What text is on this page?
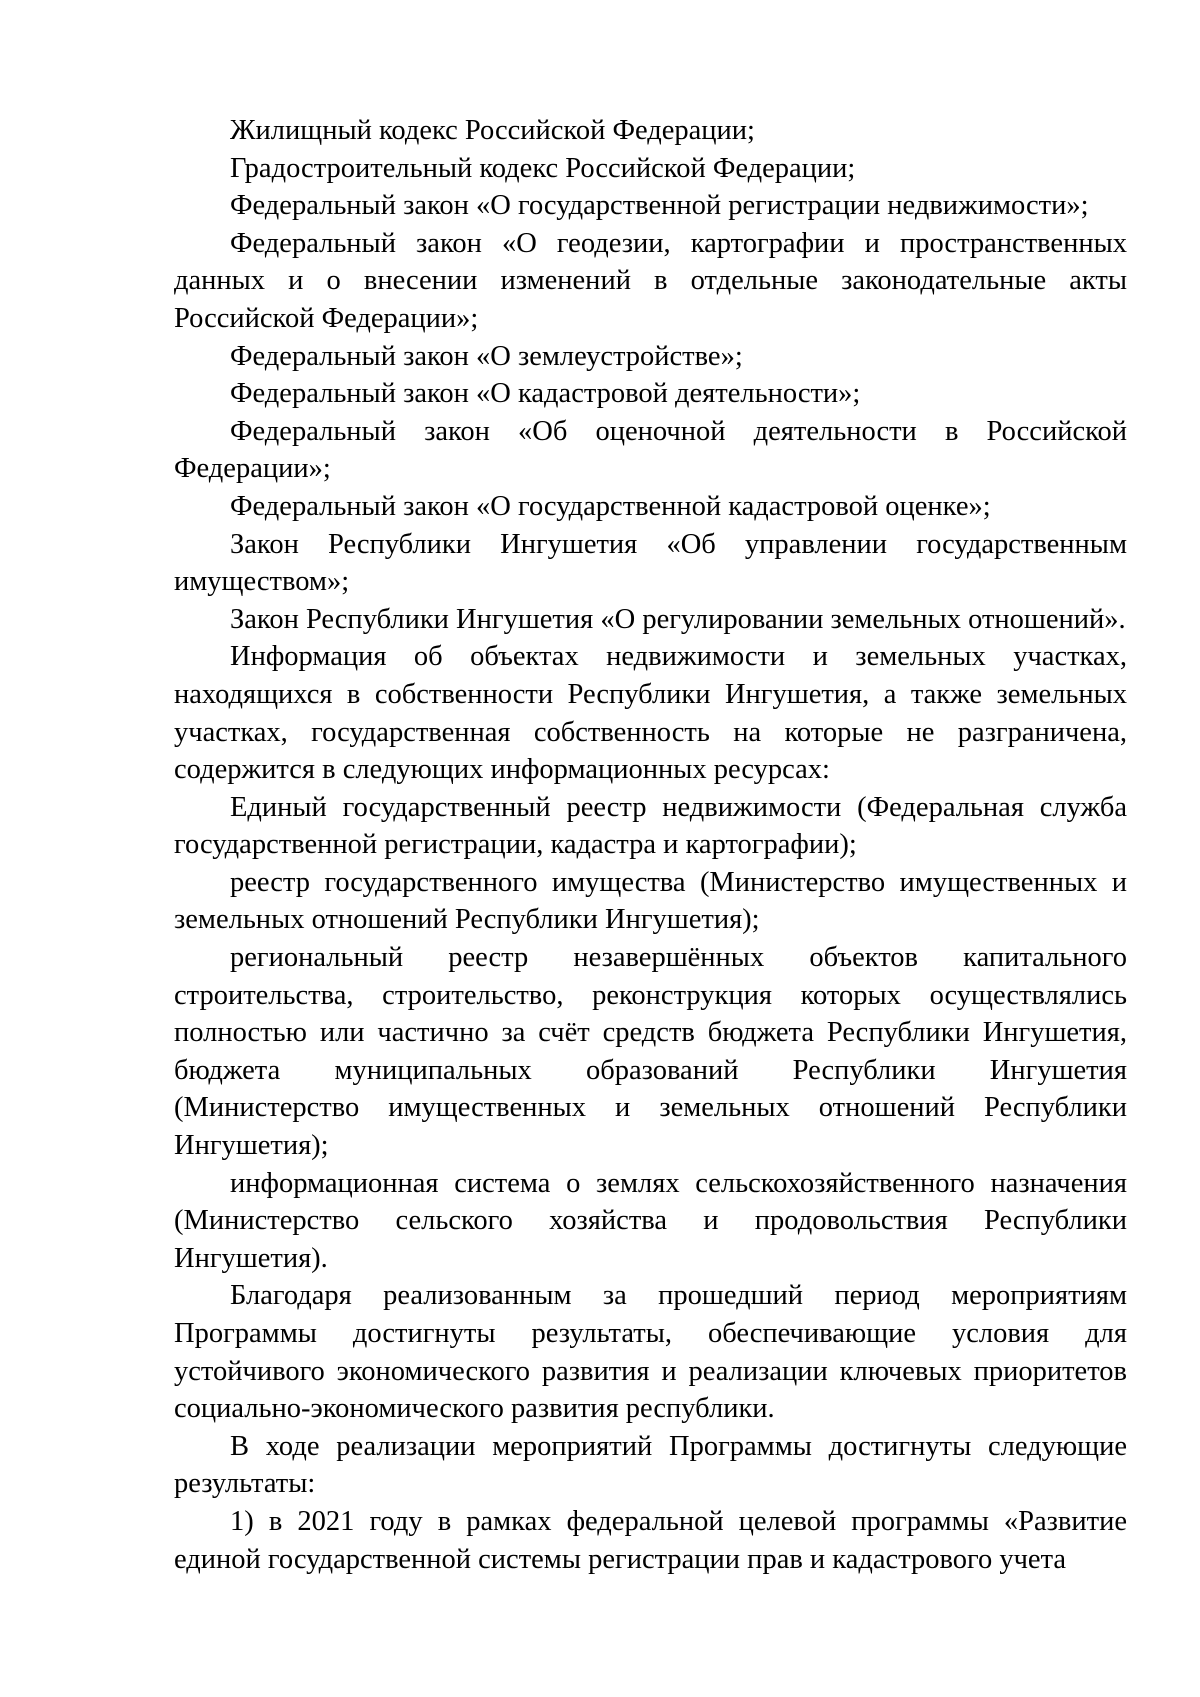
Жилищный кодекс Российской Федерации;

Градостроительный кодекс Российской Федерации;

Федеральный закон «О государственной регистрации недвижимости»;

Федеральный закон «О геодезии, картографии и пространственных данных и о внесении изменений в отдельные законодательные акты Российской Федерации»;

Федеральный закон «О землеустройстве»;

Федеральный закон «О кадастровой деятельности»;

Федеральный закон «Об оценочной деятельности в Российской Федерации»;

Федеральный закон «О государственной кадастровой оценке»;

Закон Республики Ингушетия «Об управлении государственным имуществом»;

Закон Республики Ингушетия «О регулировании земельных отношений».

Информация об объектах недвижимости и земельных участках, находящихся в собственности Республики Ингушетия, а также земельных участках, государственная собственность на которые не разграничена, содержится в следующих информационных ресурсах:

Единый государственный реестр недвижимости (Федеральная служба государственной регистрации, кадастра и картографии);

реестр государственного имущества (Министерство имущественных и земельных отношений Республики Ингушетия);

региональный реестр незавершённых объектов капитального строительства, строительство, реконструкция которых осуществлялись полностью или частично за счёт средств бюджета Республики Ингушетия, бюджета муниципальных образований Республики Ингушетия (Министерство имущественных и земельных отношений Республики Ингушетия);

информационная система о землях сельскохозяйственного назначения (Министерство сельского хозяйства и продовольствия Республики Ингушетия).

Благодаря реализованным за прошедший период мероприятиям Программы достигнуты результаты, обеспечивающие условия для устойчивого экономического развития и реализации ключевых приоритетов социально-экономического развития республики.

В ходе реализации мероприятий Программы достигнуты следующие результаты:

1) в 2021 году в рамках федеральной целевой программы «Развитие единой государственной системы регистрации прав и кадастрового учета
